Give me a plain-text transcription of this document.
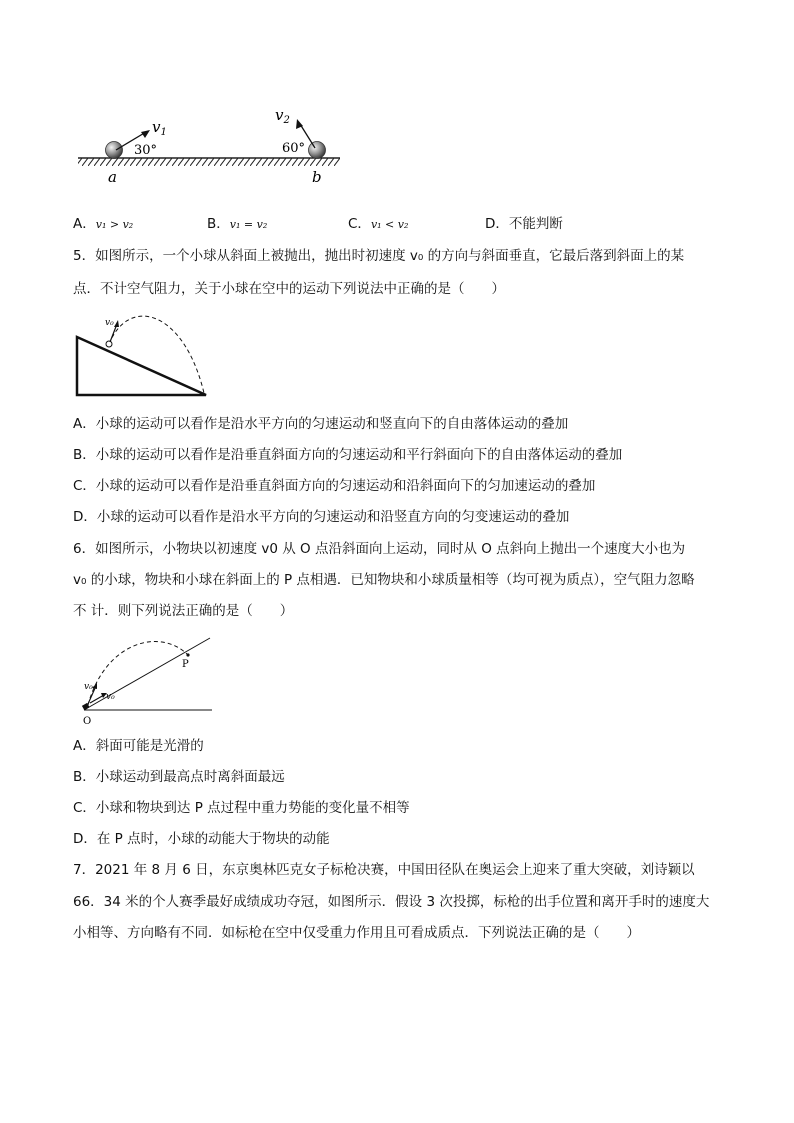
$v_1$
$v_2$
30°	60°
a	b
A．v₁ > v₂	B．v₁ = v₂	C．v₁ < v₂	D．不能判断
5．如图所示，一个小球从斜面上被抛出，抛出时初速度 v₀ 的方向与斜面垂直，它最后落到斜面上的某
点．不计空气阻力，关于小球在空中的运动下列说法中正确的是（　　）
v₀
A．小球的运动可以看作是沿水平方向的匀速运动和竖直向下的自由落体运动的叠加
B．小球的运动可以看作是沿垂直斜面方向的匀速运动和平行斜面向下的自由落体运动的叠加
C．小球的运动可以看作是沿垂直斜面方向的匀速运动和沿斜面向下的匀加速运动的叠加
D．小球的运动可以看作是沿水平方向的匀速运动和沿竖直方向的匀变速运动的叠加
6．如图所示，小物块以初速度 v0 从 O 点沿斜面向上运动，同时从 O 点斜向上抛出一个速度大小也为
v₀ 的小球，物块和小球在斜面上的 P 点相遇．已知物块和小球质量相等（均可视为质点），空气阻力忽略
不 计．则下列说法正确的是（　　）
v₀
v₀
P
O
A．斜面可能是光滑的
B．小球运动到最高点时离斜面最远
C．小球和物块到达 P 点过程中重力势能的变化量不相等
D．在 P 点时，小球的动能大于物块的动能
7．2021 年 8 月 6 日，东京奥林匹克女子标枪决赛，中国田径队在奥运会上迎来了重大突破，刘诗颖以
66．34 米的个人赛季最好成绩成功夺冠，如图所示．假设 3 次投掷，标枪的出手位置和离开手时的速度大
小相等、方向略有不同．如标枪在空中仅受重力作用且可看成质点．下列说法正确的是（　　）
